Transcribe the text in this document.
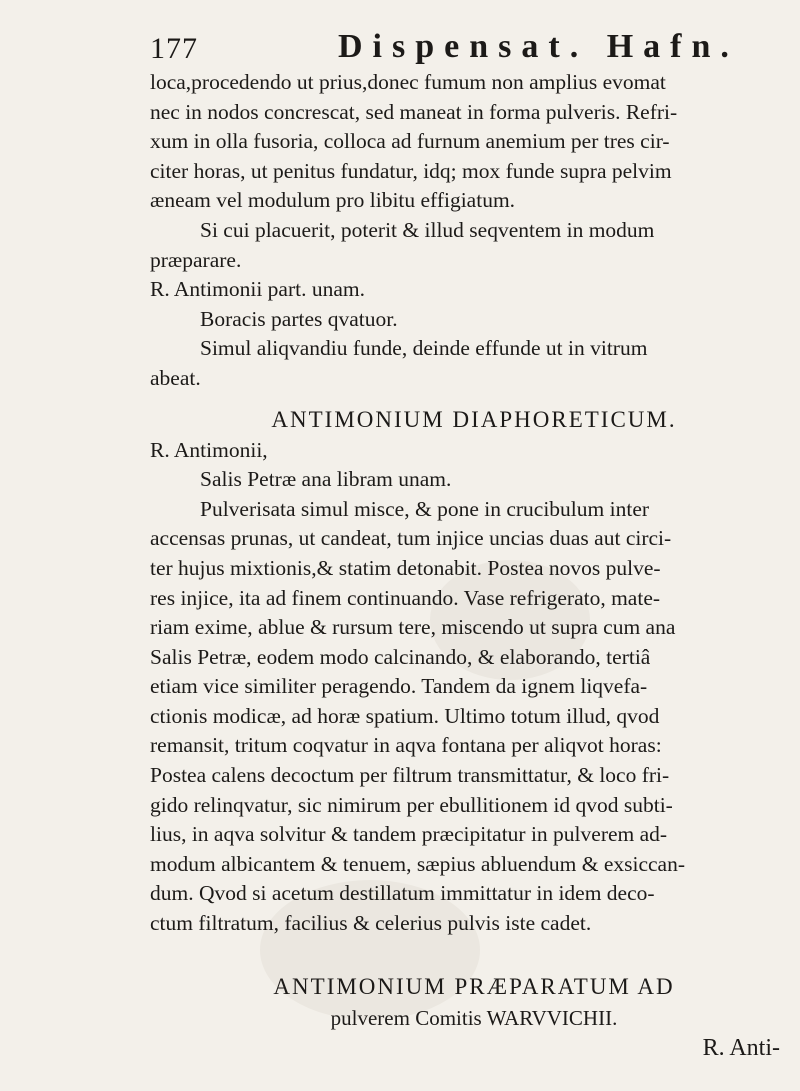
177	Dispensat. Hafn.
loca,procedendo ut prius,donec fumum non amplius evomat
nec in nodos concrescat, sed maneat in forma pulveris. Refri-
xum in olla fusoria, colloca ad furnum anemium per tres cir-
citer horas, ut penitus fundatur, idq; mox funde supra pelvim
æneam vel modulum pro libitu effigiatum.
Si cui placuerit, poterit & illud seqventem in modum
præparare.
R. Antimonii part. unam.
Boracis partes qvatuor.
Simul aliqvandiu funde, deinde effunde ut in vitrum
abeat.
ANTIMONIUM DIAPHORETICUM.
R. Antimonii,
Salis Petræ ana libram unam.
Pulverisata simul misce, & pone in crucibulum inter
accensas prunas, ut candeat, tum injice uncias duas aut circi-
ter hujus mixtionis,& statim detonabit. Postea novos pulve-
res injice, ita ad finem continuando. Vase refrigerato, mate-
riam exime, ablue & rursum tere, miscendo ut supra cum ana
Salis Petræ, eodem modo calcinando, & elaborando, tertiâ
etiam vice similiter peragendo. Tandem da ignem liqvefa-
ctionis modicæ, ad horæ spatium. Ultimo totum illud, qvod
remansit, tritum coqvatur in aqva fontana per aliqvot horas:
Postea calens decoctum per filtrum transmittatur, & loco fri-
gido relinqvatur, sic nimirum per ebullitionem id qvod subti-
lius, in aqva solvitur & tandem præcipitatur in pulverem ad-
modum albicantem & tenuem, sæpius abluendum & exsiccan-
dum. Qvod si acetum destillatum immittatur in idem deco-
ctum filtratum, facilius & celerius pulvis iste cadet.
ANTIMONIUM PRÆPARATUM AD
pulverem Comitis WARVVICHII.
R. Anti-
